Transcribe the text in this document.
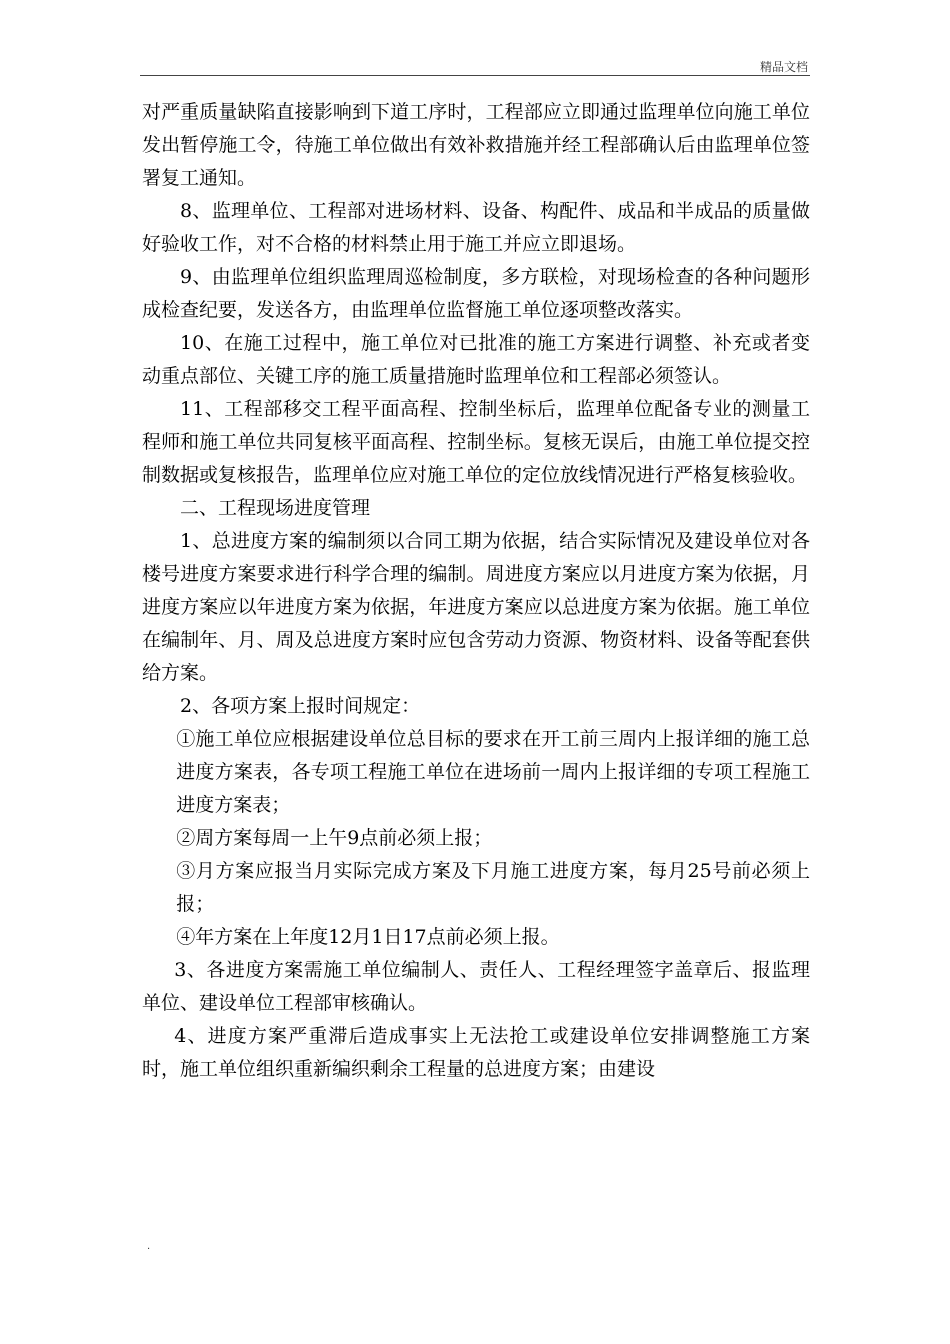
精品文档

对严重质量缺陷直接影响到下道工序时，工程部应立即通过监理单位向施工单位发出暂停施工令，待施工单位做出有效补救措施并经工程部确认后由监理单位签署复工通知。

8、监理单位、工程部对进场材料、设备、构配件、成品和半成品的质量做好验收工作，对不合格的材料禁止用于施工并应立即退场。

9、由监理单位组织监理周巡检制度，多方联检，对现场检查的各种问题形成检查纪要，发送各方，由监理单位监督施工单位逐项整改落实。

10、在施工过程中，施工单位对已批准的施工方案进行调整、补充或者变动重点部位、关键工序的施工质量措施时监理单位和工程部必须签认。

11、工程部移交工程平面高程、控制坐标后，监理单位配备专业的测量工程师和施工单位共同复核平面高程、控制坐标。复核无误后，由施工单位提交控制数据或复核报告，监理单位应对施工单位的定位放线情况进行严格复核验收。

二、工程现场进度管理

1、总进度方案的编制须以合同工期为依据，结合实际情况及建设单位对各楼号进度方案要求进行科学合理的编制。周进度方案应以月进度方案为依据，月进度方案应以年进度方案为依据，年进度方案应以总进度方案为依据。施工单位在编制年、月、周及总进度方案时应包含劳动力资源、物资材料、设备等配套供给方案。

2、各项方案上报时间规定：

①施工单位应根据建设单位总目标的要求在开工前三周内上报详细的施工总进度方案表，各专项工程施工单位在进场前一周内上报详细的专项工程施工进度方案表；

②周方案每周一上午9点前必须上报；

③月方案应报当月实际完成方案及下月施工进度方案，每月25号前必须上报；

④年方案在上年度12月1日17点前必须上报。

3、各进度方案需施工单位编制人、责任人、工程经理签字盖章后、报监理单位、建设单位工程部审核确认。

4、进度方案严重滞后造成事实上无法抢工或建设单位安排调整施工方案时，施工单位组织重新编织剩余工程量的总进度方案；由建设

.
